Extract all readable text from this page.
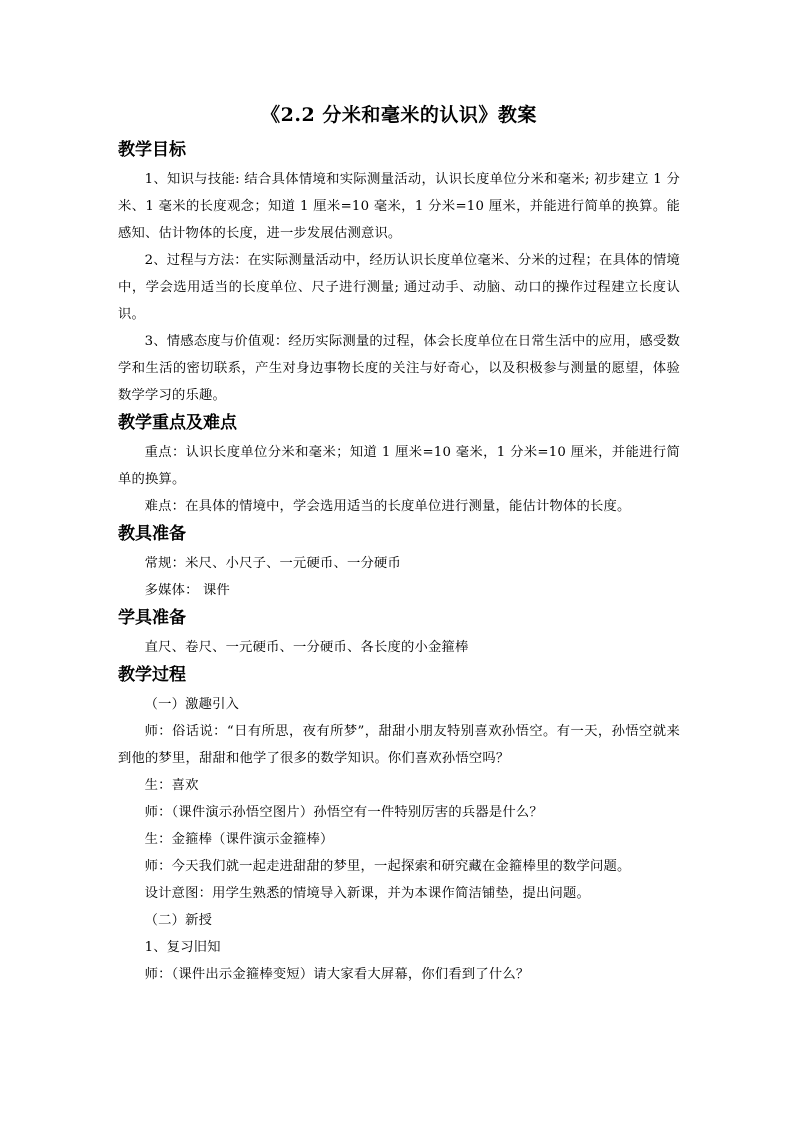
《2.2 分米和毫米的认识》教案
教学目标

1、知识与技能: 结合具体情境和实际测量活动，认识长度单位分米和毫米; 初步建立 1 分米、1 毫米的长度观念；知道 1 厘米=10 毫米，1 分米=10 厘米，并能进行简单的换算。能感知、估计物体的长度，进一步发展估测意识。

2、过程与方法：在实际测量活动中，经历认识长度单位毫米、分米的过程；在具体的情境中，学会选用适当的长度单位、尺子进行测量; 通过动手、动脑、动口的操作过程建立长度认识。

3、情感态度与价值观：经历实际测量的过程，体会长度单位在日常生活中的应用，感受数学和生活的密切联系，产生对身边事物长度的关注与好奇心，以及积极参与测量的愿望，体验数学学习的乐趣。

教学重点及难点

重点：认识长度单位分米和毫米；知道 1 厘米=10 毫米，1 分米=10 厘米，并能进行简单的换算。

难点：在具体的情境中，学会选用适当的长度单位进行测量，能估计物体的长度。

教具准备

常规：米尺、小尺子、一元硬币、一分硬币

多媒体： 课件

学具准备

直尺、卷尺、一元硬币、一分硬币、各长度的小金箍棒

教学过程

（一）激趣引入

师：俗话说：“日有所思，夜有所梦”，甜甜小朋友特别喜欢孙悟空。有一天，孙悟空就来到他的梦里，甜甜和他学了很多的数学知识。你们喜欢孙悟空吗？

生：喜欢

师：（课件演示孙悟空图片）孙悟空有一件特别厉害的兵器是什么？

生：金箍棒（课件演示金箍棒）

师：今天我们就一起走进甜甜的梦里，一起探索和研究藏在金箍棒里的数学问题。

设计意图：用学生熟悉的情境导入新课，并为本课作简洁铺垫，提出问题。

（二）新授

1、复习旧知

师：（课件出示金箍棒变短）请大家看大屏幕，你们看到了什么？
